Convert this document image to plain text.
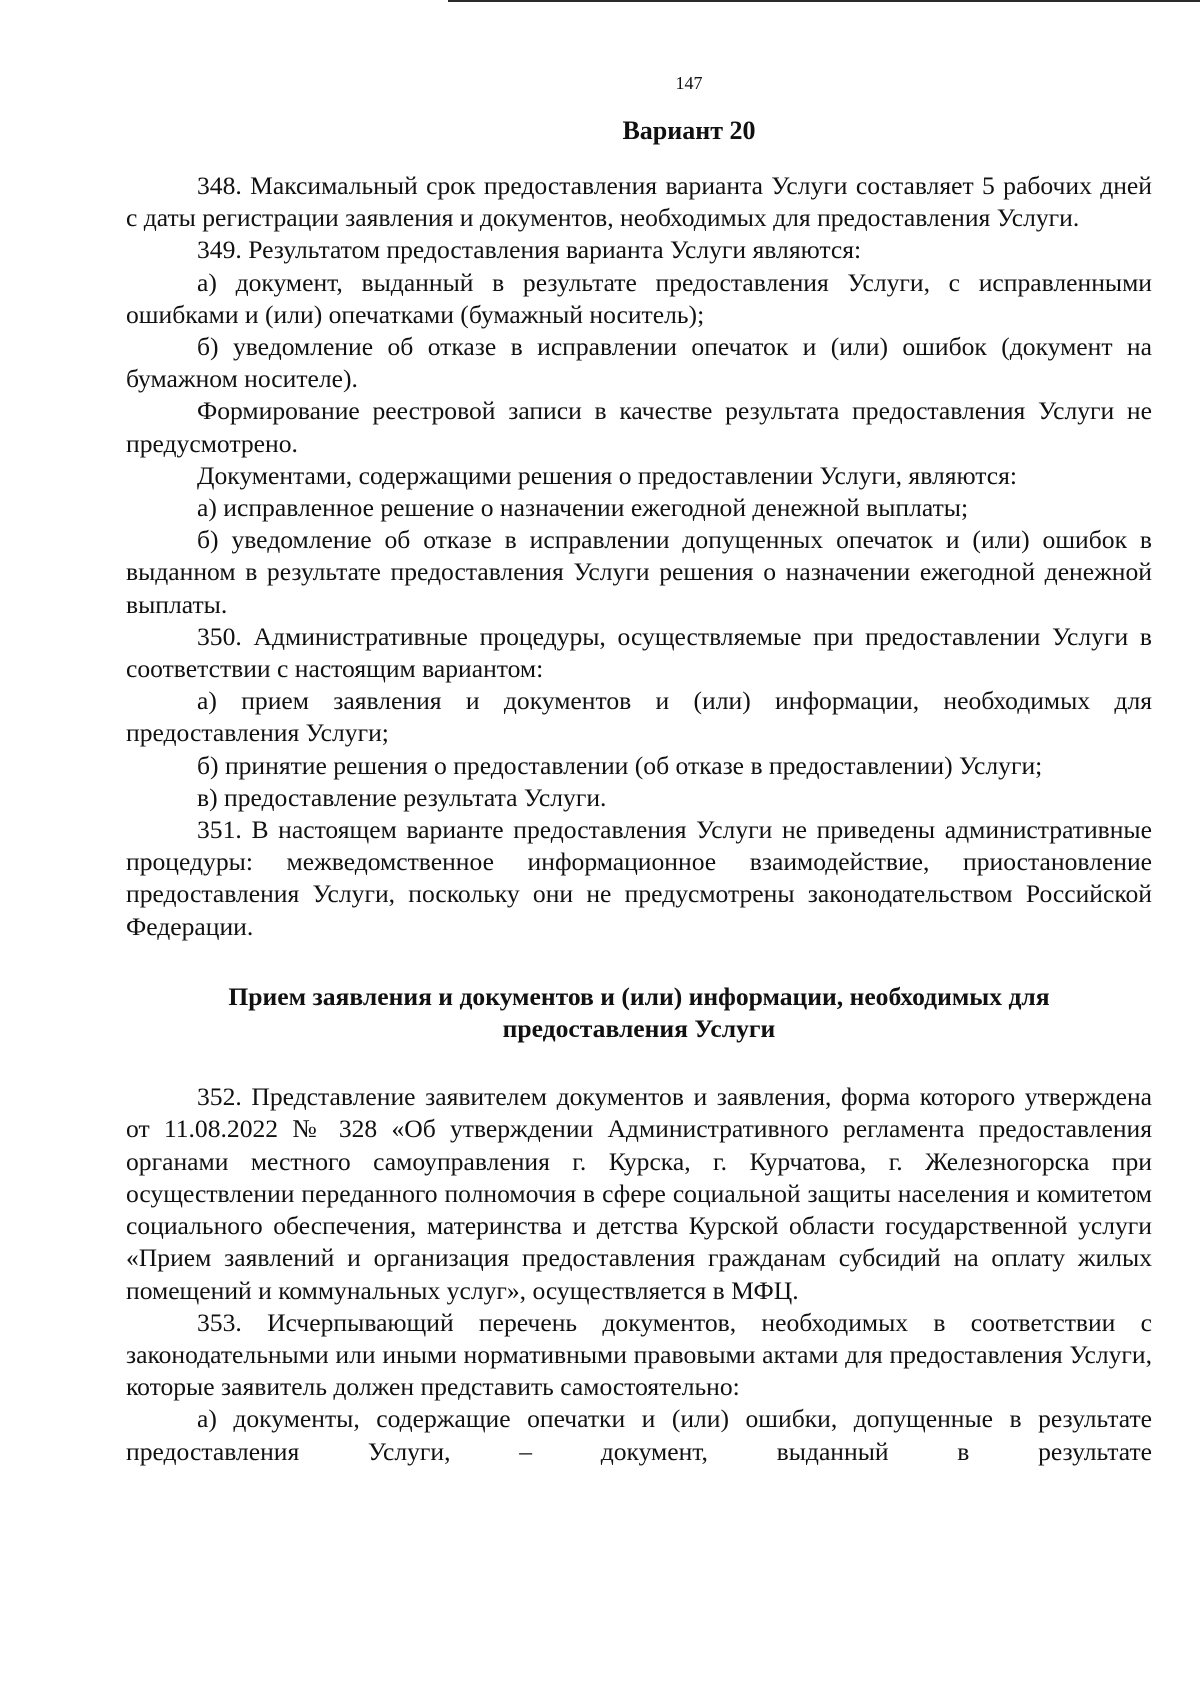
147
Вариант 20

348. Максимальный срок предоставления варианта Услуги составляет 5 рабочих дней с даты регистрации заявления и документов, необходимых для предоставления Услуги.

349. Результатом предоставления варианта Услуги являются:

а) документ, выданный в результате предоставления Услуги, с исправленными ошибками и (или) опечатками (бумажный носитель);

б) уведомление об отказе в исправлении опечаток и (или) ошибок (документ на бумажном носителе).

Формирование реестровой записи в качестве результата предоставления Услуги не предусмотрено.

Документами, содержащими решения о предоставлении Услуги, являются:

а) исправленное решение о назначении ежегодной денежной выплаты;

б) уведомление об отказе в исправлении допущенных опечаток и (или) ошибок в выданном в результате предоставления Услуги решения о назначении ежегодной денежной выплаты.

350. Административные процедуры, осуществляемые при предоставлении Услуги в соответствии с настоящим вариантом:

а) прием заявления и документов и (или) информации, необходимых для предоставления Услуги;

б) принятие решения о предоставлении (об отказе в предоставлении) Услуги;

в) предоставление результата Услуги.

351. В настоящем варианте предоставления Услуги не приведены административные процедуры: межведомственное информационное взаимодействие, приостановление предоставления Услуги, поскольку они не предусмотрены законодательством Российской Федерации.

Прием заявления и документов и (или) информации, необходимых для предоставления Услуги

352. Представление заявителем документов и заявления, форма которого утверждена от 11.08.2022 № 328 «Об утверждении Административного регламента предоставления органами местного самоуправления г. Курска, г. Курчатова, г. Железногорска при осуществлении переданного полномочия в сфере социальной защиты населения и комитетом социального обеспечения, материнства и детства Курской области государственной услуги «Прием заявлений и организация предоставления гражданам субсидий на оплату жилых помещений и коммунальных услуг», осуществляется в МФЦ.

353. Исчерпывающий перечень документов, необходимых в соответствии с законодательными или иными нормативными правовыми актами для предоставления Услуги, которые заявитель должен представить самостоятельно:

а) документы, содержащие опечатки и (или) ошибки, допущенные в результате предоставления Услуги, – документ, выданный в результате
